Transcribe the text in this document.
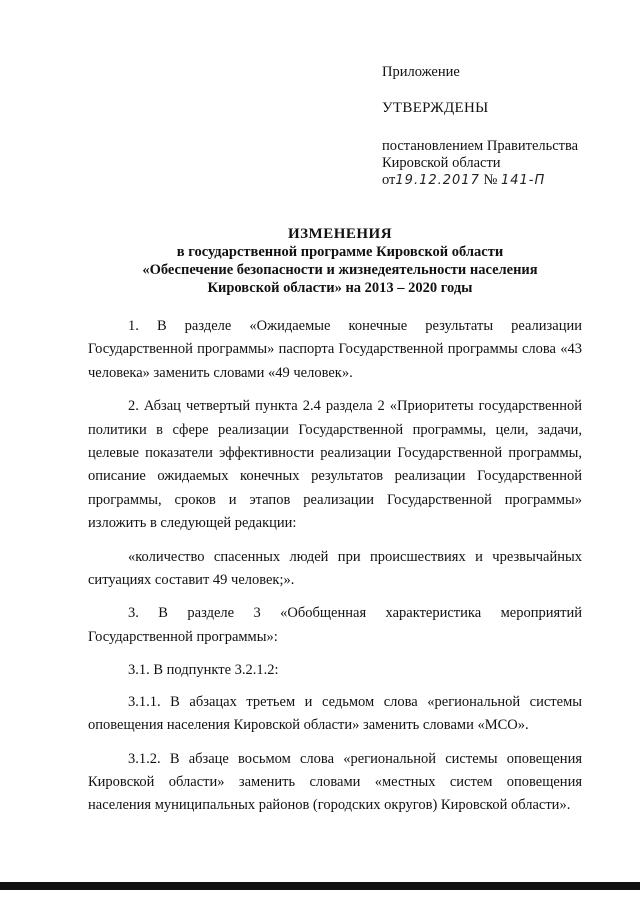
Приложение

УТВЕРЖДЕНЫ

постановлением Правительства

Кировской области

от19.12.2017 № 141-П

ИЗМЕНЕНИЯ

в государственной программе Кировской области

«Обеспечение безопасности и жизнедеятельности населения

Кировской области» на 2013 – 2020 годы

1. В разделе «Ожидаемые конечные результаты реализации Государственной программы» паспорта Государственной программы слова «43 человека» заменить словами «49 человек».

2. Абзац четвертый пункта 2.4 раздела 2 «Приоритеты государственной политики в сфере реализации Государственной программы, цели, задачи, целевые показатели эффективности реализации Государственной программы, описание ожидаемых конечных результатов реализации Государственной программы, сроков и этапов реализации Государственной программы» изложить в следующей редакции:

«количество спасенных людей при происшествиях и чрезвычайных ситуациях составит 49 человек;».

3. В разделе 3 «Обобщенная характеристика мероприятий Государственной программы»:

3.1. В подпункте 3.2.1.2:

3.1.1. В абзацах третьем и седьмом слова «региональной системы оповещения населения Кировской области» заменить словами «МСО».

3.1.2. В абзаце восьмом слова «региональной системы оповещения Кировской области» заменить словами «местных систем оповещения населения муниципальных районов (городских округов) Кировской области».
